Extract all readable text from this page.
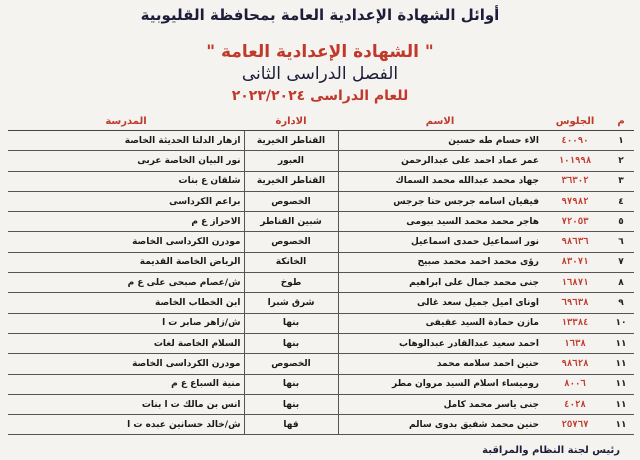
أوائل الشهادة الإعدادية العامة بمحافظة القليوبية
" الشهادة الإعدادية العامة "
الفصل الدراسى الثانى
للعام الدراسى ٢٠٢٣/٢٠٢٤
م	الجلوس	الاسم	الادارة	المدرسة
١	٤٠٠٩٠	الاء حسام طه حسين	القناطر الخيرية	ازهار الدلتا الحديثة الخاصة
٢	١٠١٩٩٨	عمر عماد احمد على عبدالرحمن	العبور	نور البيان الخاصة عربى
٣	٣٦٣٠٢	جهاد محمد عبدالله محمد السماك	القناطر الخيرية	شلقان ع بنات
٤	٩٧٩٨٢	فيفيان اسامه جرجس حنا جرجس	الخصوص	براعم الكرداسى
٥	٧٢٠٥٣	هاجر محمد محمد السيد بيومى	شبين القناطر	الاحراز ع م
٦	٩٨٦٣٦	نور اسماعيل حمدى اسماعيل	الخصوص	مودرن الكرداسى الخاصة
٧	٨٣٠٧١	رؤى محمد احمد محمد صبيح	الخانكة	الرياض الخاصة القديمة
٨	١٦٨٧١	جنى محمد جمال على ابراهيم	طوخ	ش/عصام صبحى على ع م
٩	٦٩٦٣٨	اوناى اميل جميل سعد غالى	شرق شبرا	ابن الخطاب الخاصة
١٠	١٣٣٨٤	مازن حمادة السيد عقيفى	بنها	ش/زاهر صابر ت ا
١١	١٦٣٨	احمد سعيد عبدالقادر عبدالوهاب	بنها	السلام الخاصة لغات
١١	٩٨٦٢٨	حنين احمد سلامه محمد	الخصوص	مودرن الكرداسى الخاصة
١١	٨٠٠٦	روميساء اسلام السيد مروان مطر	بنها	منية السباع ع م
١١	٤٠٢٨	جنى ياسر محمد كامل	بنها	انس بن مالك ت ا بنات
١١	٢٥٧٦٧	حنين محمد شفيق بدوى سالم	قها	ش/خالد حسانين عبده ت ا
رئيس لجنة النظام والمراقبة
